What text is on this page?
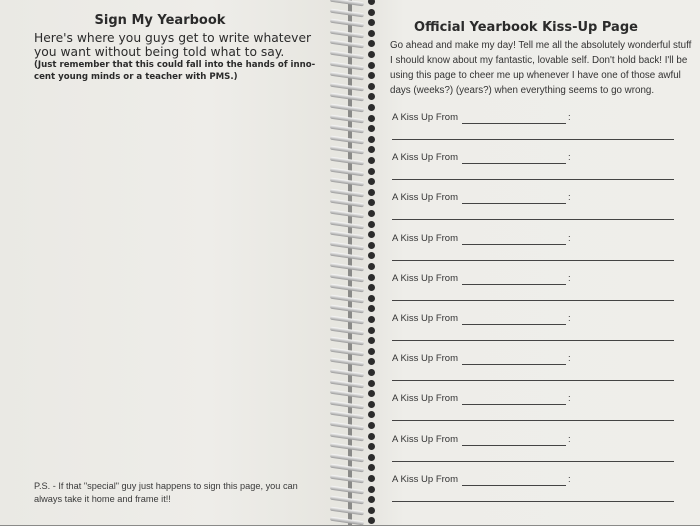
Sign My Yearbook
Here's where you guys get to write whatever you want without being told what to say.
(Just remember that this could fall into the hands of inno-cent young minds or a teacher with PMS.)
P.S. - If that "special" guy just happens to sign this page, you can always take it home and frame it!!
Official Yearbook Kiss-Up Page
Go ahead and make my day! Tell me all the absolutely wonderful stuff I should know about my fantastic, lovable self. Don't hold back! I'll be using this page to cheer me up whenever I have one of those awful days (weeks?) (years?) when everything seems to go wrong.
A Kiss Up From	:
A Kiss Up From	:
A Kiss Up From	:
A Kiss Up From	:
A Kiss Up From	:
A Kiss Up From	:
A Kiss Up From	:
A Kiss Up From	:
A Kiss Up From	:
A Kiss Up From	:
